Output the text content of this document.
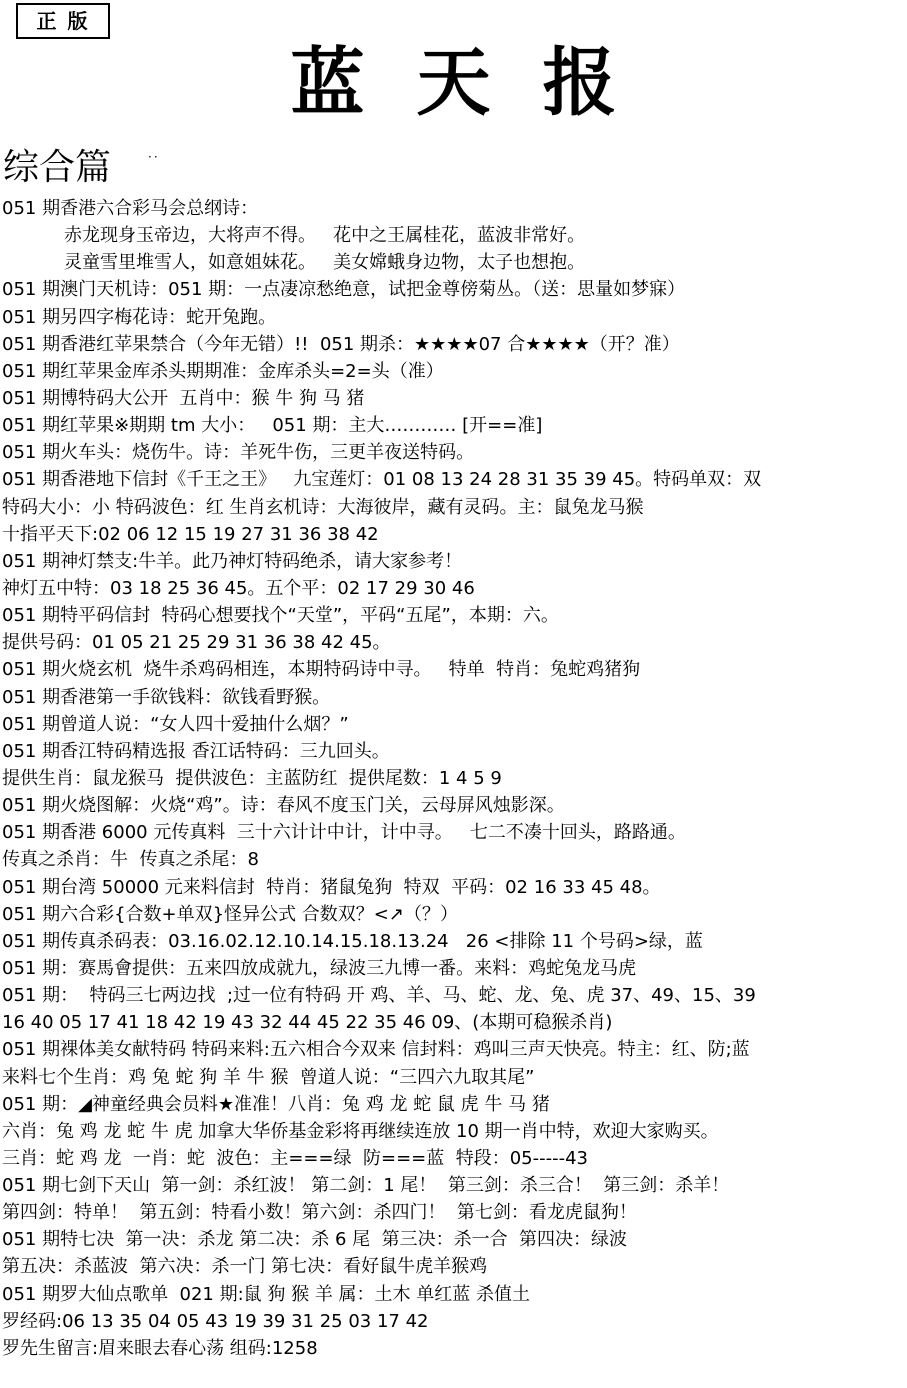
正 版
蓝天报
综合篇	··
051 期香港六合彩马会总纲诗：
赤龙现身玉帝边，大将声不得。   花中之王属桂花，蓝波非常好。
灵童雪里堆雪人，如意姐妹花。   美女嫦蛾身边物，太子也想抱。
051 期澳门天机诗：051 期：一点凄凉愁绝意，试把金尊傍菊丛。（送：思量如梦寐）
051 期另四字梅花诗：蛇开兔跑。
051 期香港红苹果禁合（今年无错）!!  051 期杀：★★★★07 合★★★★（开？准）
051 期红苹果金库杀头期期准：金库杀头=2=头（准）
051 期博特码大公开  五肖中：猴 牛 狗 马 猪
051 期红苹果※期期 tm 大小：   051 期：主大………… [开==准]
051 期火车头：烧伤牛。诗：羊死牛伤，三更羊夜送特码。
051 期香港地下信封《千王之王》   九宝莲灯：01 08 13 24 28 31 35 39 45。特码单双：双
特码大小：小 特码波色：红 生肖玄机诗：大海彼岸，藏有灵码。主：鼠兔龙马猴
十指平天下:02 06 12 15 19 27 31 36 38 42
051 期神灯禁支:牛羊。此乃神灯特码绝杀，请大家参考！
神灯五中特：03 18 25 36 45。五个平：02 17 29 30 46
051 期特平码信封  特码心想要找个“天堂”，平码“五尾”，本期：六。
提供号码：01 05 21 25 29 31 36 38 42 45。
051 期火烧玄机  烧牛杀鸡码相连，本期特码诗中寻。   特单  特肖：兔蛇鸡猪狗
051 期香港第一手欲钱料：欲钱看野猴。
051 期曾道人说：“女人四十爱抽什么烟？”
051 期香江特码精选报 香江话特码：三九回头。
提供生肖：鼠龙猴马  提供波色：主蓝防红  提供尾数：1 4 5 9
051 期火烧图解：火烧“鸡”。诗：春风不度玉门关，云母屏风烛影深。
051 期香港 6000 元传真料  三十六计计中计，计中寻。   七二不凑十回头，路路通。
传真之杀肖：牛  传真之杀尾：8
051 期台湾 50000 元来料信封  特肖：猪鼠兔狗  特双  平码：02 16 33 45 48。
051 期六合彩{合数+单双}怪异公式 合数双？<↗（？）
051 期传真杀码表：03.16.02.12.10.14.15.18.13.24   26 <排除 11 个号码>绿，蓝
051 期：赛馬會提供：五来四放成就九，绿波三九博一番。来料：鸡蛇兔龙马虎
051 期：  特码三七两边找  ;过一位有特码 开 鸡、羊、马、蛇、龙、兔、虎 37、49、15、39
16 40 05 17 41 18 42 19 43 32 44 45 22 35 46 09、(本期可稳猴杀肖)
051 期裸体美女献特码 特码来料:五六相合今双来 信封料：鸡叫三声天快亮。特主：红、防;蓝
来料七个生肖：鸡 兔 蛇 狗 羊 牛 猴  曾道人说：“三四六九取其尾”
051 期：◢神童经典会员料★准准！八肖：兔 鸡 龙 蛇 鼠 虎 牛 马 猪
六肖：兔 鸡 龙 蛇 牛 虎 加拿大华侨基金彩将再继续连放 10 期一肖中特，欢迎大家购买。
三肖：蛇 鸡 龙  一肖：蛇  波色：主===绿  防===蓝  特段：05-----43
051 期七剑下天山  第一剑：杀红波！ 第二剑：1 尾！  第三剑：杀三合！  第三剑：杀羊！
第四剑：特单！  第五剑：特看小数！第六剑：杀四门！  第七剑：看龙虎鼠狗！
051 期特七决  第一决：杀龙 第二决：杀 6 尾  第三决：杀一合  第四决：绿波
第五决：杀蓝波  第六决：杀一门 第七决：看好鼠牛虎羊猴鸡
051 期罗大仙点歌单  021 期:鼠 狗 猴 羊 属：土木 单红蓝 杀值土
罗经码:06 13 35 04 05 43 19 39 31 25 03 17 42
罗先生留言:眉来眼去春心荡 组码:1258
